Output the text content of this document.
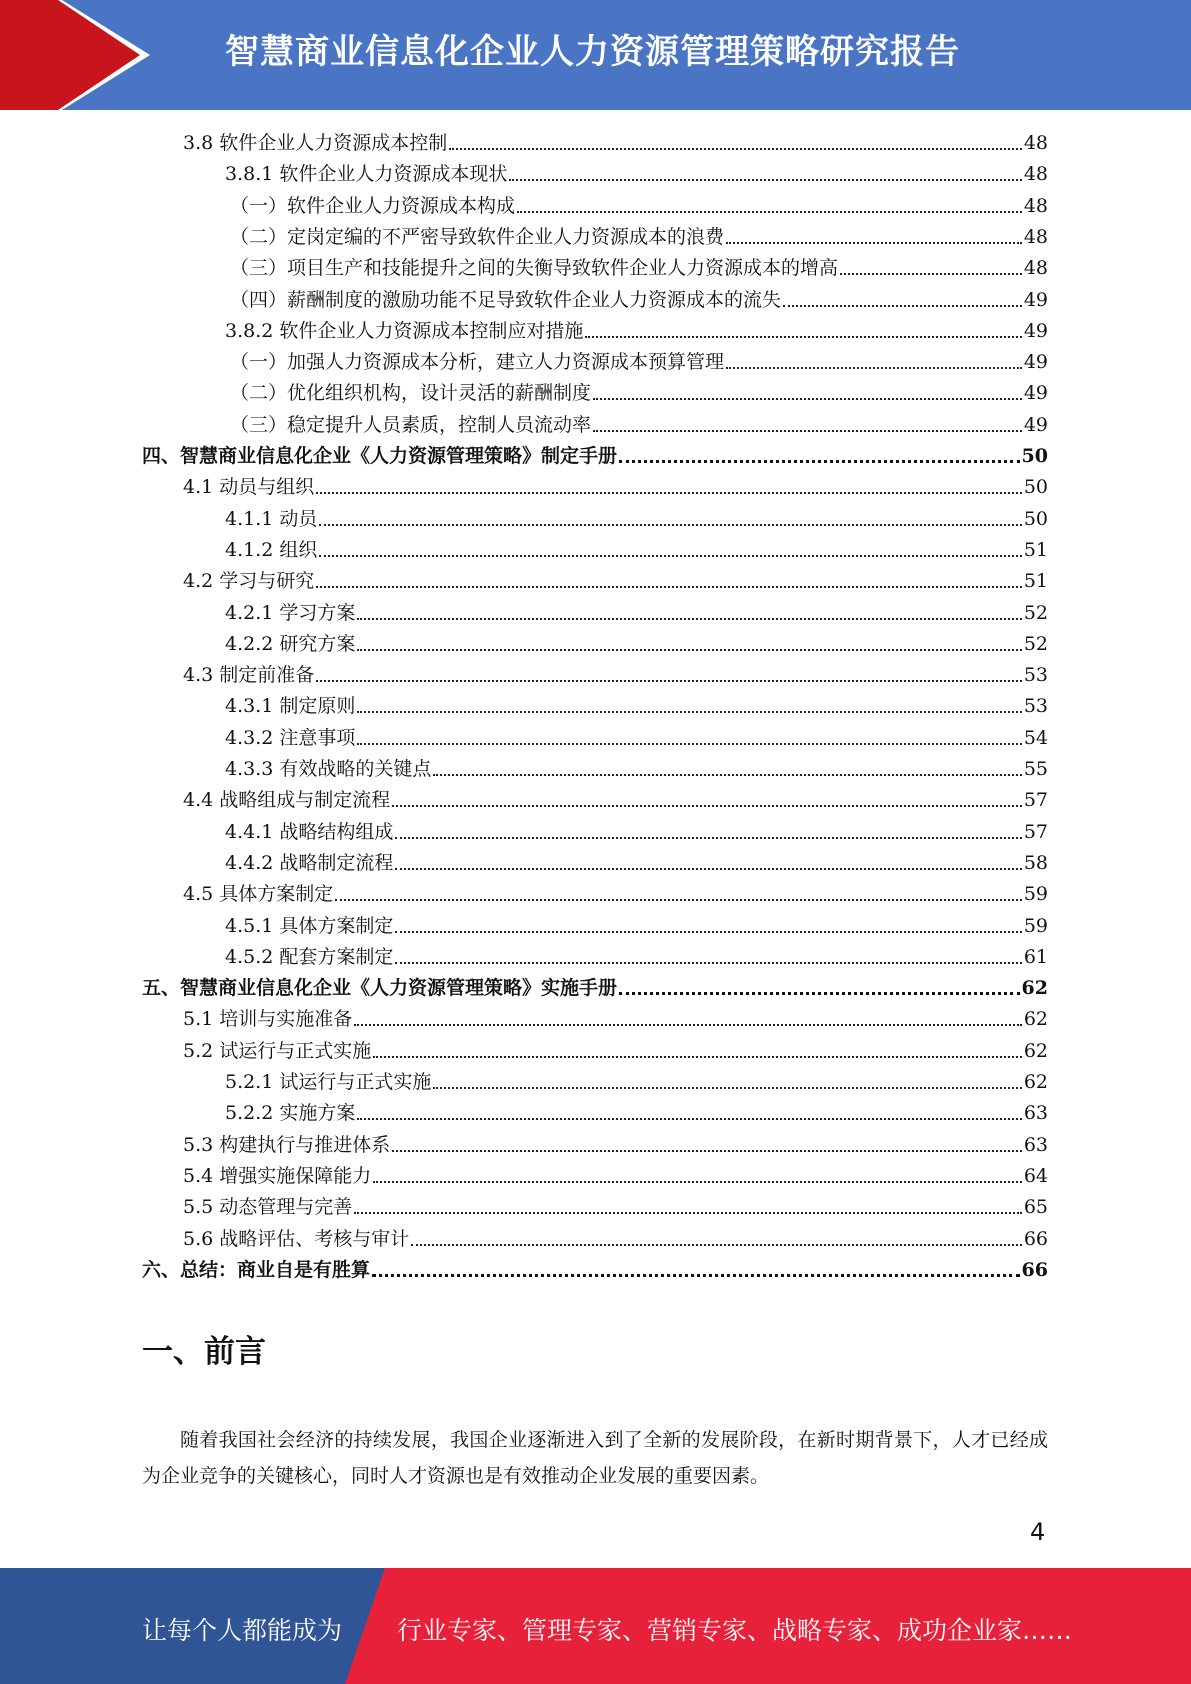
智慧商业信息化企业人力资源管理策略研究报告
3.8 软件企业人力资源成本控制	48
3.8.1 软件企业人力资源成本现状	48
（一）软件企业人力资源成本构成	48
（二）定岗定编的不严密导致软件企业人力资源成本的浪费	48
（三）项目生产和技能提升之间的失衡导致软件企业人力资源成本的增高	48
（四）薪酬制度的激励功能不足导致软件企业人力资源成本的流失	49
3.8.2 软件企业人力资源成本控制应对措施	49
（一）加强人力资源成本分析，建立人力资源成本预算管理	49
（二）优化组织机构，设计灵活的薪酬制度	49
（三）稳定提升人员素质，控制人员流动率	49
四、智慧商业信息化企业《人力资源管理策略》制定手册	50
4.1 动员与组织	50
4.1.1 动员	50
4.1.2 组织	51
4.2 学习与研究	51
4.2.1 学习方案	52
4.2.2 研究方案	52
4.3 制定前准备	53
4.3.1 制定原则	53
4.3.2 注意事项	54
4.3.3 有效战略的关键点	55
4.4 战略组成与制定流程	57
4.4.1 战略结构组成	57
4.4.2 战略制定流程	58
4.5 具体方案制定	59
4.5.1 具体方案制定	59
4.5.2 配套方案制定	61
五、智慧商业信息化企业《人力资源管理策略》实施手册	62
5.1 培训与实施准备	62
5.2 试运行与正式实施	62
5.2.1 试运行与正式实施	62
5.2.2 实施方案	63
5.3 构建执行与推进体系	63
5.4 增强实施保障能力	64
5.5 动态管理与完善	65
5.6 战略评估、考核与审计	66
六、总结：商业自是有胜算	66
一、前言
随着我国社会经济的持续发展，我国企业逐渐进入到了全新的发展阶段，在新时期背景下，人才已经成为企业竞争的关键核心，同时人才资源也是有效推动企业发展的重要因素。
4
让每个人都能成为 行业专家、管理专家、营销专家、战略专家、成功企业家……
